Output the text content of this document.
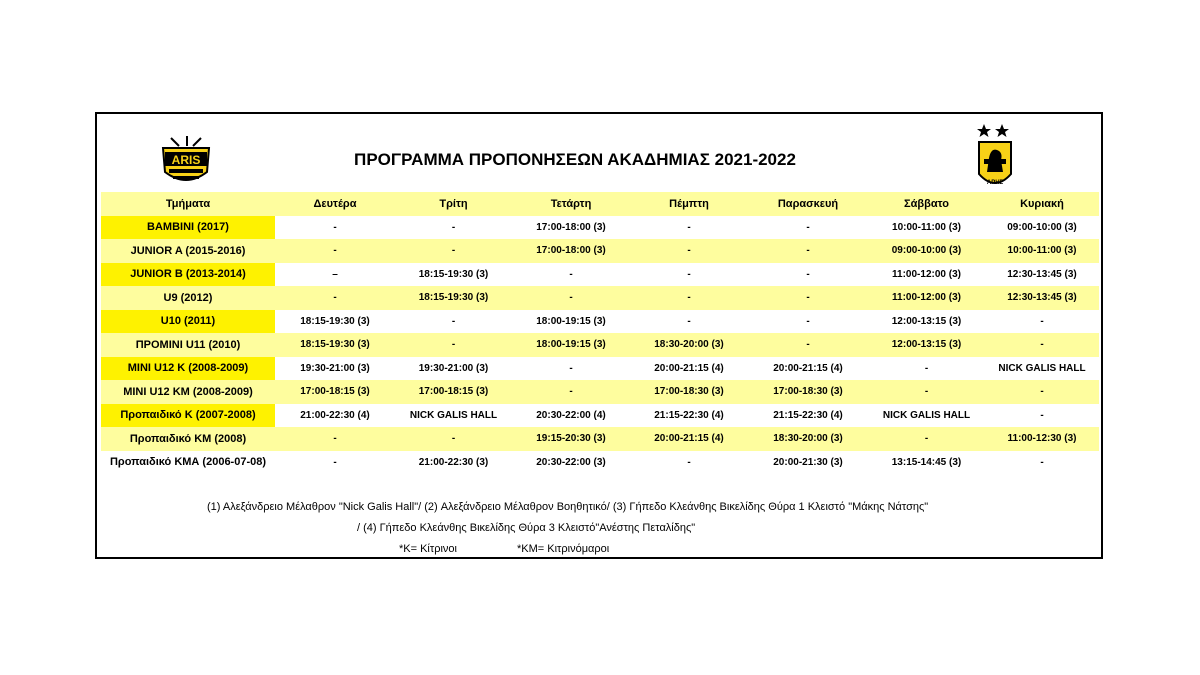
ARIS	ΠΡΟΓΡΑΜΜΑ ΠΡΟΠΟΝΗΣΕΩΝ ΑΚΑΔΗΜΙΑΣ 2021-2022
ΑΡΗΣ
Τμήματα	Δευτέρα	Τρίτη	Τετάρτη	Πέμπτη	Παρασκευή	Σάββατο	Κυριακή
BAMBINI (2017)	-	-	17:00-18:00 (3)	-	-	10:00-11:00 (3)	09:00-10:00 (3)
JUNIOR A (2015-2016)	-	-	17:00-18:00 (3)	-	-	09:00-10:00 (3)	10:00-11:00 (3)
JUNIOR B (2013-2014)	–	18:15-19:30 (3)	-	-	-	11:00-12:00 (3)	12:30-13:45 (3)
U9 (2012)	-	18:15-19:30 (3)	-	-	-	11:00-12:00 (3)	12:30-13:45 (3)
U10 (2011)	18:15-19:30 (3)	-	18:00-19:15 (3)	-	-	12:00-13:15 (3)	-
ΠΡΟΜΙΝΙ U11 (2010)	18:15-19:30 (3)	-	18:00-19:15 (3)	18:30-20:00 (3)	-	12:00-13:15 (3)	-
MINI U12 K (2008-2009)	19:30-21:00 (3)	19:30-21:00 (3)	-	20:00-21:15 (4)	20:00-21:15 (4)	-	NICK GALIS HALL
MINI U12 KM (2008-2009)	17:00-18:15 (3)	17:00-18:15 (3)	-	17:00-18:30 (3)	17:00-18:30 (3)	-	-
Προπαιδικό Κ (2007-2008)	21:00-22:30 (4)	NICK GALIS HALL	20:30-22:00 (4)	21:15-22:30 (4)	21:15-22:30 (4)	NICK GALIS HALL	-
Προπαιδικό ΚΜ (2008)	-	-	19:15-20:30 (3)	20:00-21:15 (4)	18:30-20:00 (3)	-	11:00-12:30 (3)
Προπαιδικό ΚΜΑ (2006-07-08)	-	21:00-22:30 (3)	20:30-22:00 (3)	-	20:00-21:30 (3)	13:15-14:45 (3)	-
(1) Αλεξάνδρειο Μέλαθρον "Nick Galis Hall"/ (2) Αλεξάνδρειο Μέλαθρον Βοηθητικό/ (3) Γήπεδο Κλεάνθης Βικελίδης Θύρα 1 Κλειστό "Μάκης Νάτσης"
/ (4) Γήπεδο Κλεάνθης Βικελίδης Θύρα 3 Κλειστό"Ανέστης Πεταλίδης"
*Κ= Κίτρινοι	*ΚΜ= Κιτρινόμαροι
